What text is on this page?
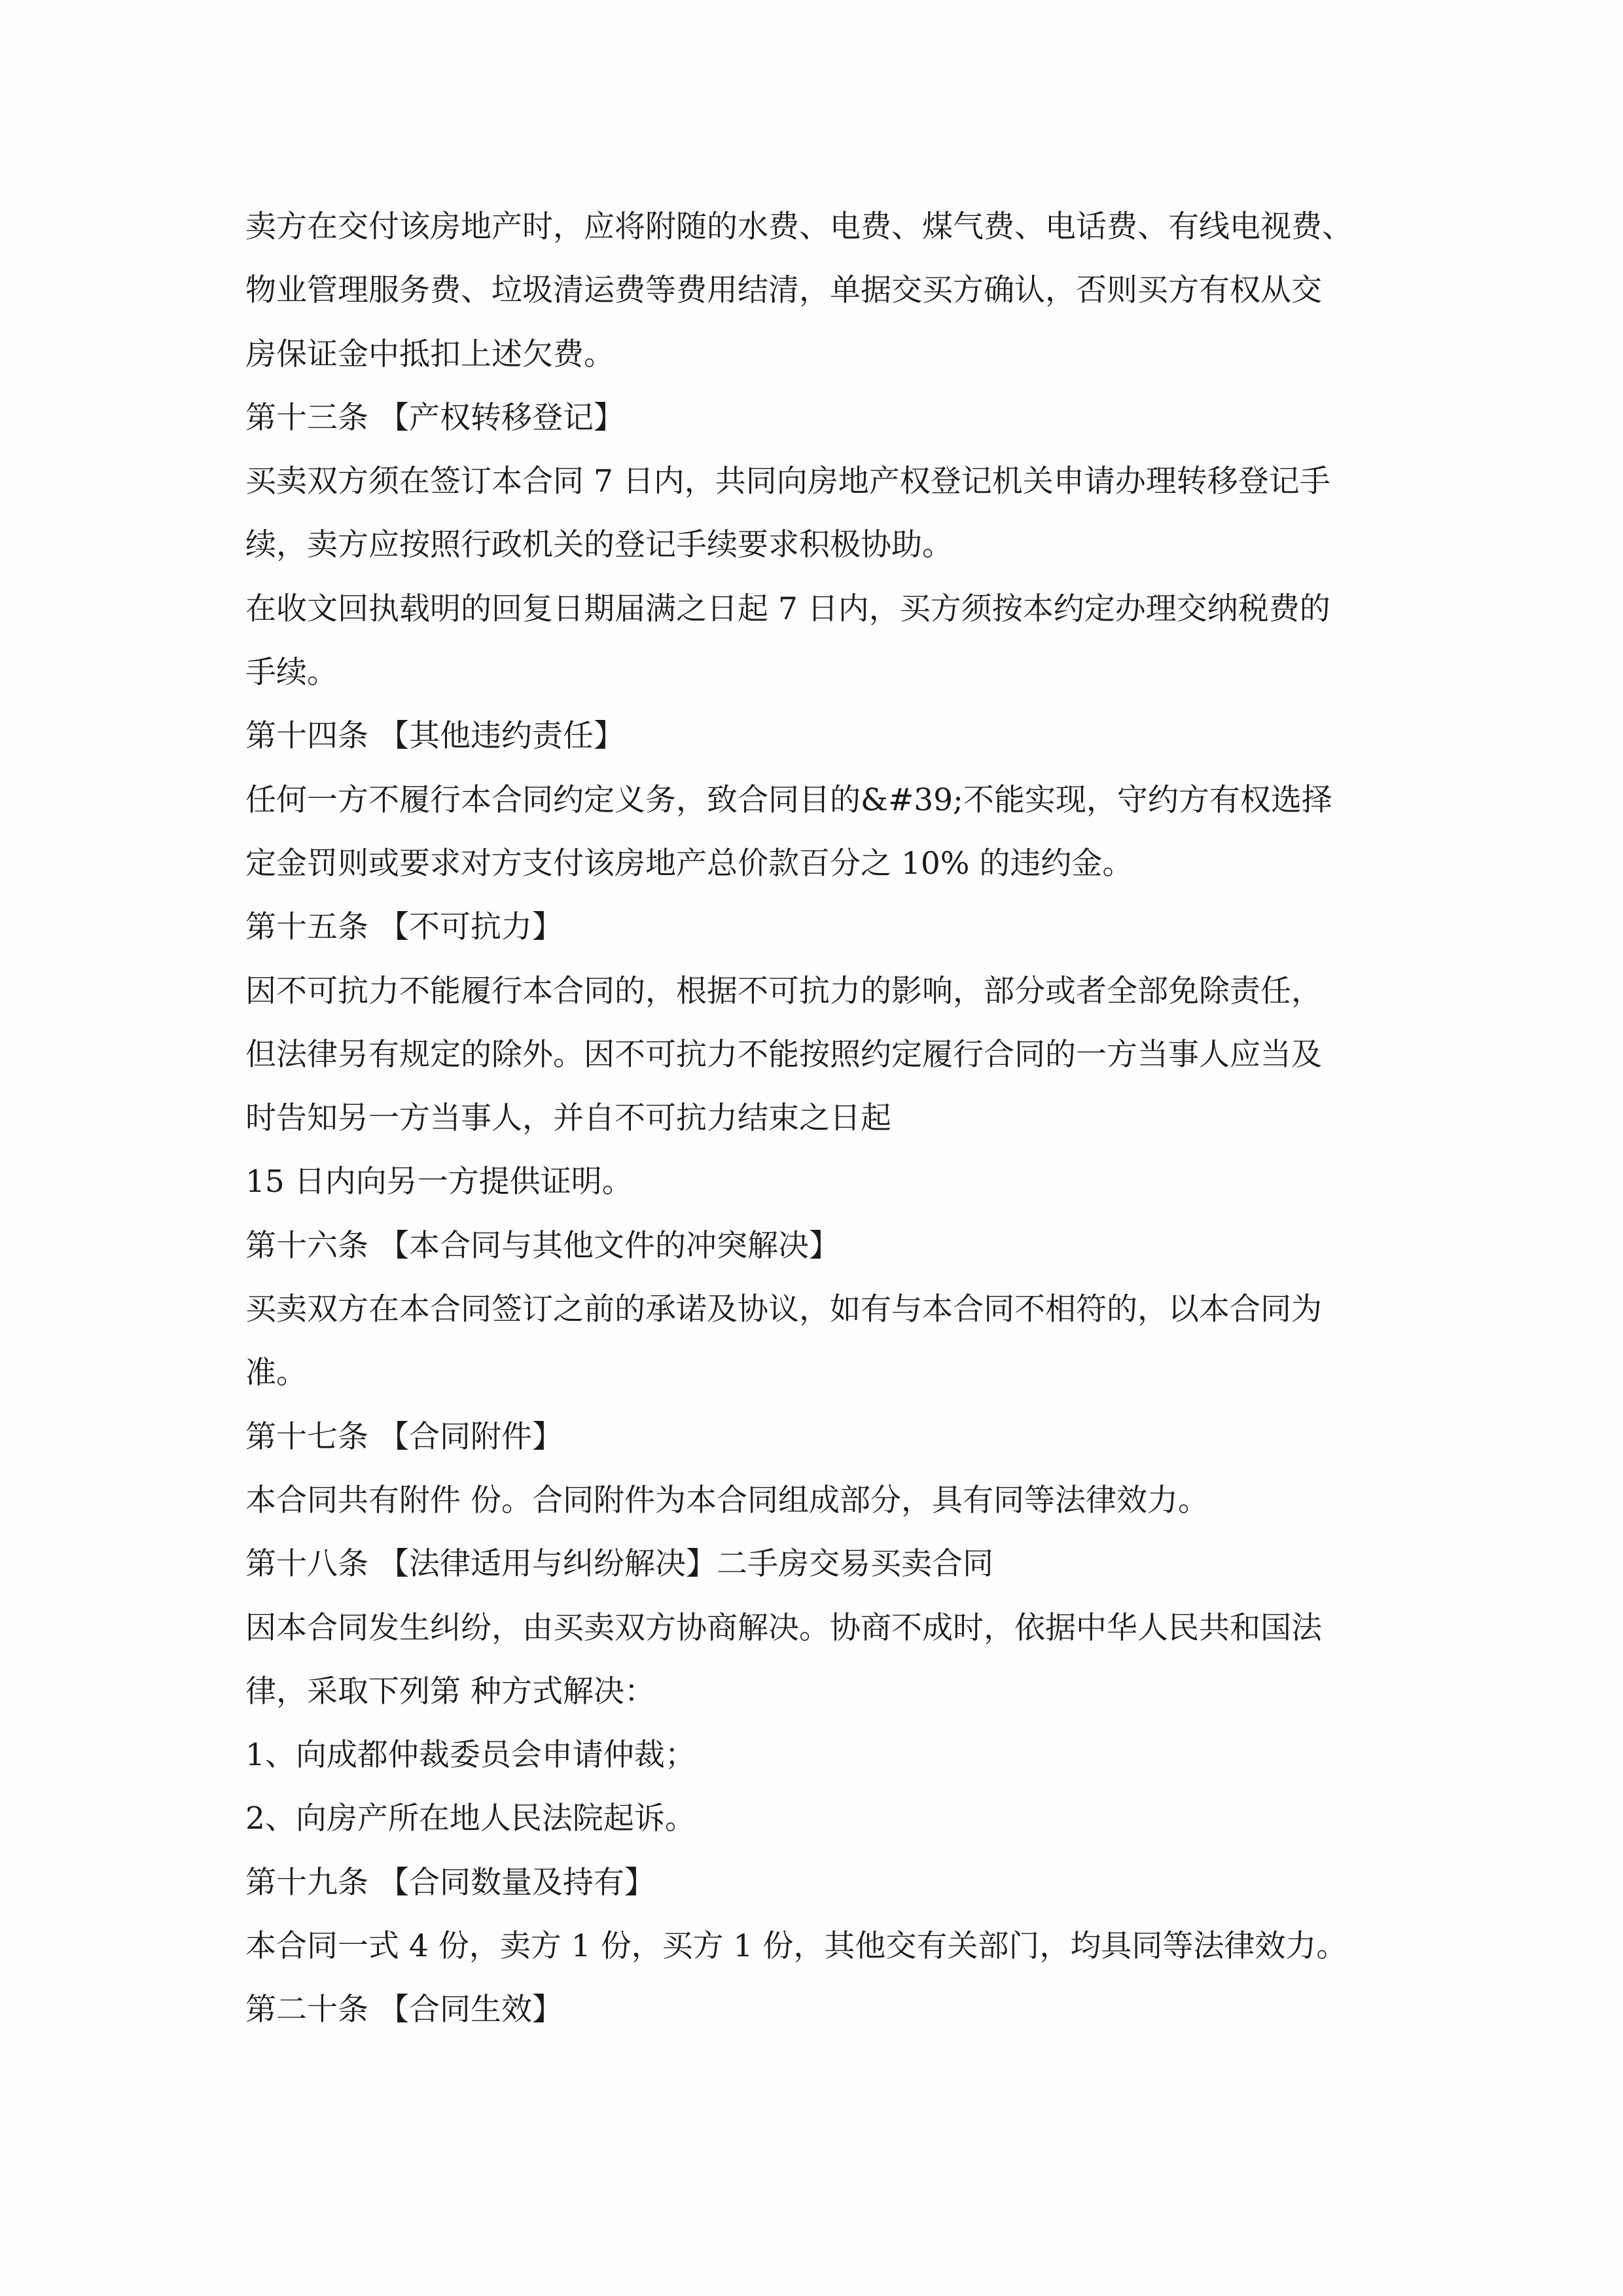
卖方在交付该房地产时，应将附随的水费、电费、煤气费、电话费、有线电视费、
物业管理服务费、垃圾清运费等费用结清，单据交买方确认，否则买方有权从交
房保证金中抵扣上述欠费。
第十三条 【产权转移登记】
买卖双方须在签订本合同 7 日内，共同向房地产权登记机关申请办理转移登记手
续，卖方应按照行政机关的登记手续要求积极协助。
在收文回执载明的回复日期届满之日起 7 日内，买方须按本约定办理交纳税费的
手续。
第十四条 【其他违约责任】
任何一方不履行本合同约定义务，致合同目的&#39;不能实现，守约方有权选择
定金罚则或要求对方支付该房地产总价款百分之 10% 的违约金。
第十五条 【不可抗力】
因不可抗力不能履行本合同的，根据不可抗力的影响，部分或者全部免除责任，
但法律另有规定的除外。因不可抗力不能按照约定履行合同的一方当事人应当及
时告知另一方当事人，并自不可抗力结束之日起
15 日内向另一方提供证明。
第十六条 【本合同与其他文件的冲突解决】
买卖双方在本合同签订之前的承诺及协议，如有与本合同不相符的，以本合同为
准。
第十七条 【合同附件】
本合同共有附件 份。合同附件为本合同组成部分，具有同等法律效力。
第十八条 【法律适用与纠纷解决】二手房交易买卖合同
因本合同发生纠纷，由买卖双方协商解决。协商不成时，依据中华人民共和国法
律，采取下列第 种方式解决：
1、向成都仲裁委员会申请仲裁；
2、向房产所在地人民法院起诉。
第十九条 【合同数量及持有】
本合同一式 4 份，卖方 1 份，买方 1 份，其他交有关部门，均具同等法律效力。
第二十条 【合同生效】
